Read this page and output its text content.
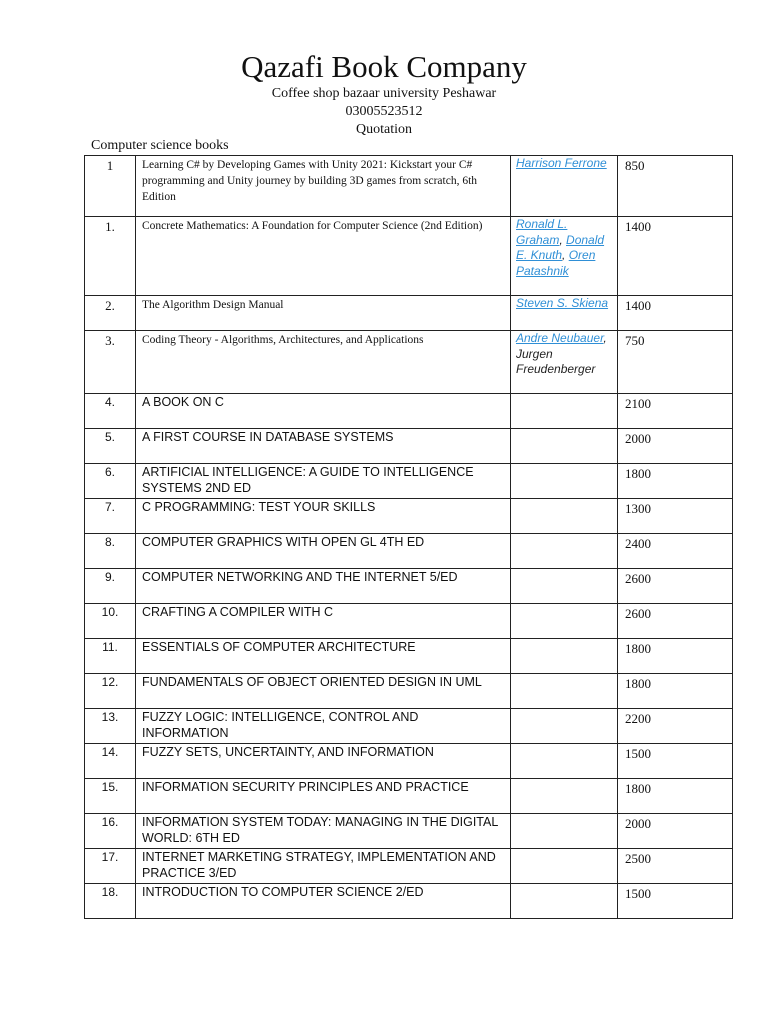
Qazafi Book Company
Coffee shop bazaar university Peshawar
03005523512
Quotation
Computer science books
1	Learning C# by Developing Games with Unity 2021: Kickstart your C# programming and Unity journey by building 3D games from scratch, 6th Edition	Harrison Ferrone	850
1.	Concrete Mathematics: A Foundation for Computer Science (2nd Edition)	Ronald L. Graham, Donald E. Knuth, Oren Patashnik	1400
2.	The Algorithm Design Manual	Steven S. Skiena	1400
3.	Coding Theory - Algorithms, Architectures, and Applications	Andre Neubauer, Jurgen Freudenberger	750
4.	A BOOK ON C		2100
5.	A FIRST COURSE IN DATABASE SYSTEMS		2000
6.	ARTIFICIAL INTELLIGENCE: A GUIDE TO INTELLIGENCE SYSTEMS 2ND ED		1800
7.	C PROGRAMMING: TEST YOUR SKILLS		1300
8.	COMPUTER GRAPHICS WITH OPEN GL 4TH ED		2400
9.	COMPUTER NETWORKING AND THE INTERNET 5/ED		2600
10.	CRAFTING A COMPILER WITH C		2600
11.	ESSENTIALS OF COMPUTER ARCHITECTURE		1800
12.	FUNDAMENTALS OF OBJECT ORIENTED DESIGN IN UML		1800
13.	FUZZY LOGIC: INTELLIGENCE, CONTROL AND INFORMATION		2200
14.	FUZZY SETS, UNCERTAINTY, AND INFORMATION		1500
15.	INFORMATION SECURITY PRINCIPLES AND PRACTICE		1800
16.	INFORMATION SYSTEM TODAY: MANAGING IN THE DIGITAL WORLD: 6TH ED		2000
17.	INTERNET MARKETING STRATEGY, IMPLEMENTATION AND PRACTICE 3/ED		2500
18.	INTRODUCTION TO COMPUTER SCIENCE 2/ED		1500
